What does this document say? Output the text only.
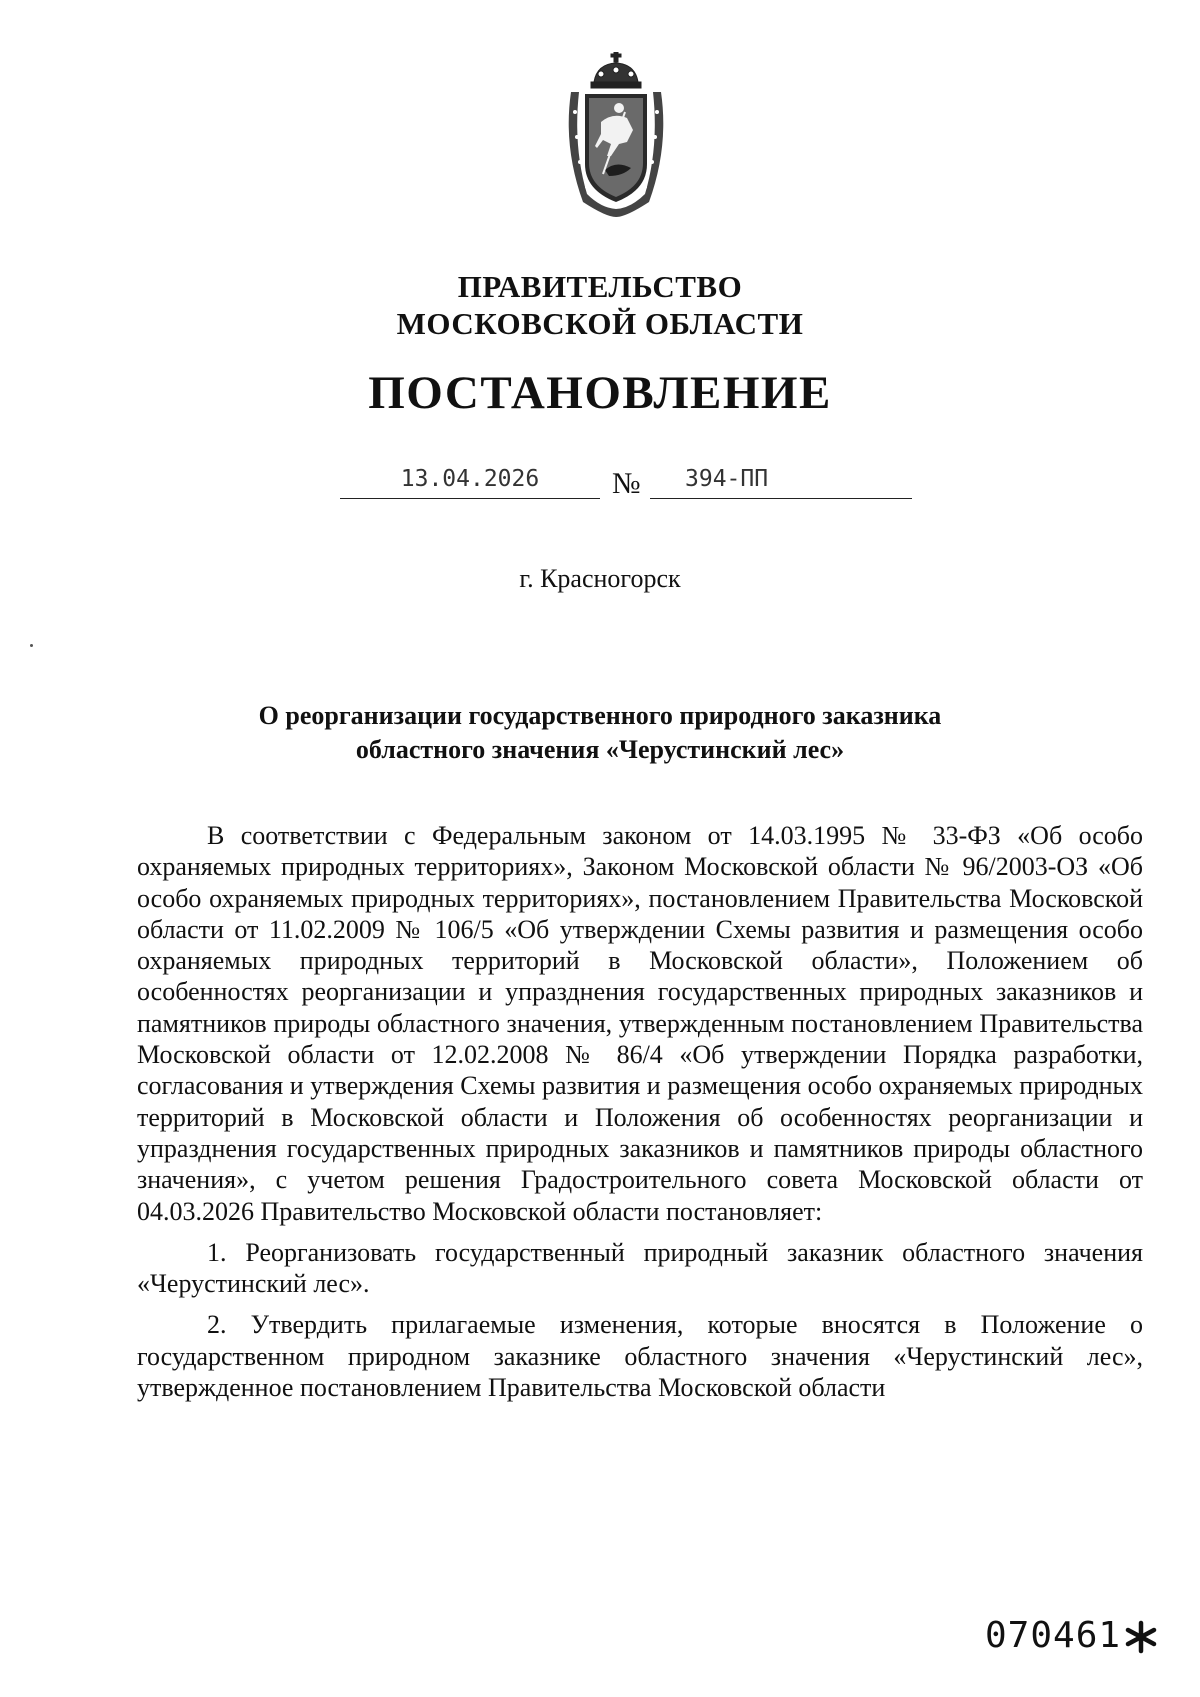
ПРАВИТЕЛЬСТВО
МОСКОВСКОЙ ОБЛАСТИ
ПОСТАНОВЛЕНИЕ
13.04.2026	№	394-ПП
г. Красногорск
О реорганизации государственного природного заказника
областного значения «Черустинский лес»

В соответствии с Федеральным законом от 14.03.1995 № 33-ФЗ «Об особо охраняемых природных территориях», Законом Московской области № 96/2003-ОЗ «Об особо охраняемых природных территориях», постановлением Правительства Московской области от 11.02.2009 № 106/5 «Об утверждении Схемы развития и размещения особо охраняемых природных территорий в Московской области», Положением об особенностях реорганизации и упразднения государственных природных заказников и памятников природы областного значения, утвержденным постановлением Правительства Московской области от 12.02.2008 № 86/4 «Об утверждении Порядка разработки, согласования и утверждения Схемы развития и размещения особо охраняемых природных территорий в Московской области и Положения об особенностях реорганизации и упразднения государственных природных заказников и памятников природы областного значения», с учетом решения Градостроительного совета Московской области от 04.03.2026 Правительство Московской области постановляет:

1. Реорганизовать государственный природный заказник областного значения «Черустинский лес».

2. Утвердить прилагаемые изменения, которые вносятся в Положение о государственном природном заказнике областного значения «Черустинский лес», утвержденное постановлением Правительства Московской области

070461
